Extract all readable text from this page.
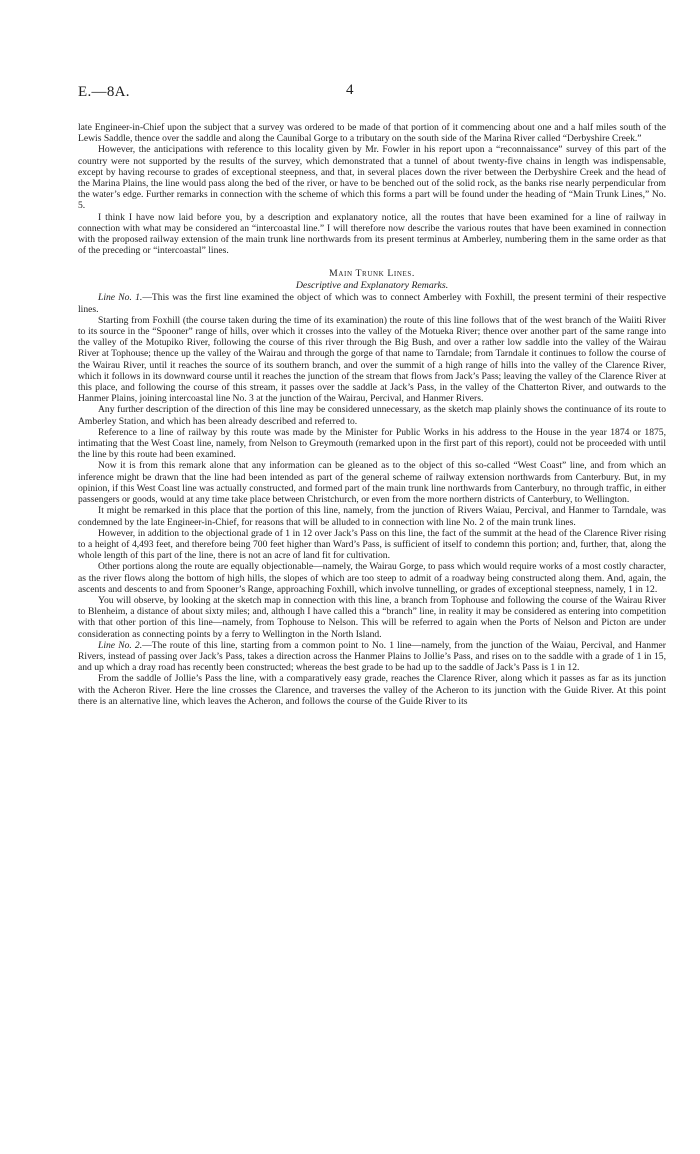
E.—8A.	4

late Engineer-in-Chief upon the subject that a survey was ordered to be made of that portion of it commencing about one and a half miles south of the Lewis Saddle, thence over the saddle and along the Caunibal Gorge to a tributary on the south side of the Marina River called “Derbyshire Creek.”

However, the anticipations with reference to this locality given by Mr. Fowler in his report upon a “reconnaissance” survey of this part of the country were not supported by the results of the survey, which demonstrated that a tunnel of about twenty-five chains in length was indispensable, except by having recourse to grades of exceptional steepness, and that, in several places down the river between the Derbyshire Creek and the head of the Marina Plains, the line would pass along the bed of the river, or have to be benched out of the solid rock, as the banks rise nearly perpendicular from the water’s edge. Further remarks in connection with the scheme of which this forms a part will be found under the heading of “Main Trunk Lines,” No. 5.

I think I have now laid before you, by a description and explanatory notice, all the routes that have been examined for a line of railway in connection with what may be considered an “intercoastal line.” I will therefore now describe the various routes that have been examined in connection with the proposed railway extension of the main trunk line northwards from its present terminus at Amberley, numbering them in the same order as that of the preceding or “intercoastal” lines.

Main Trunk Lines.
Descriptive and Explanatory Remarks.

Line No. 1.—This was the first line examined the object of which was to connect Amberley with Foxhill, the present termini of their respective lines.

Starting from Foxhill (the course taken during the time of its examination) the route of this line follows that of the west branch of the Waiiti River to its source in the “Spooner” range of hills, over which it crosses into the valley of the Motueka River; thence over another part of the same range into the valley of the Motupiko River, following the course of this river through the Big Bush, and over a rather low saddle into the valley of the Wairau River at Tophouse; thence up the valley of the Wairau and through the gorge of that name to Tarndale; from Tarndale it continues to follow the course of the Wairau River, until it reaches the source of its southern branch, and over the summit of a high range of hills into the valley of the Clarence River, which it follows in its downward course until it reaches the junction of the stream that flows from Jack’s Pass; leaving the valley of the Clarence River at this place, and following the course of this stream, it passes over the saddle at Jack’s Pass, in the valley of the Chatterton River, and outwards to the Hanmer Plains, joining intercoastal line No. 3 at the junction of the Wairau, Percival, and Hanmer Rivers.

Any further description of the direction of this line may be considered unnecessary, as the sketch map plainly shows the continuance of its route to Amberley Station, and which has been already described and referred to.

Reference to a line of railway by this route was made by the Minister for Public Works in his address to the House in the year 1874 or 1875, intimating that the West Coast line, namely, from Nelson to Greymouth (remarked upon in the first part of this report), could not be proceeded with until the line by this route had been examined.

Now it is from this remark alone that any information can be gleaned as to the object of this so-called “West Coast” line, and from which an inference might be drawn that the line had been intended as part of the general scheme of railway extension northwards from Canterbury. But, in my opinion, if this West Coast line was actually constructed, and formed part of the main trunk line northwards from Canterbury, no through traffic, in either passengers or goods, would at any time take place between Christchurch, or even from the more northern districts of Canterbury, to Wellington.

It might be remarked in this place that the portion of this line, namely, from the junction of Rivers Waiau, Percival, and Hanmer to Tarndale, was condemned by the late Engineer-in-Chief, for reasons that will be alluded to in connection with line No. 2 of the main trunk lines.

However, in addition to the objectional grade of 1 in 12 over Jack’s Pass on this line, the fact of the summit at the head of the Clarence River rising to a height of 4,493 feet, and therefore being 700 feet higher than Ward’s Pass, is sufficient of itself to condemn this portion; and, further, that, along the whole length of this part of the line, there is not an acre of land fit for cultivation.

Other portions along the route are equally objectionable—namely, the Wairau Gorge, to pass which would require works of a most costly character, as the river flows along the bottom of high hills, the slopes of which are too steep to admit of a roadway being constructed along them. And, again, the ascents and descents to and from Spooner’s Range, approaching Foxhill, which involve tunnelling, or grades of exceptional steepness, namely, 1 in 12.

You will observe, by looking at the sketch map in connection with this line, a branch from Tophouse and following the course of the Wairau River to Blenheim, a distance of about sixty miles; and, although I have called this a “branch” line, in reality it may be considered as entering into competition with that other portion of this line—namely, from Tophouse to Nelson. This will be referred to again when the Ports of Nelson and Picton are under consideration as connecting points by a ferry to Wellington in the North Island.

Line No. 2.—The route of this line, starting from a common point to No. 1 line—namely, from the junction of the Waiau, Percival, and Hanmer Rivers, instead of passing over Jack’s Pass, takes a direction across the Hanmer Plains to Jollie’s Pass, and rises on to the saddle with a grade of 1 in 15, and up which a dray road has recently been constructed; whereas the best grade to be had up to the saddle of Jack’s Pass is 1 in 12.

From the saddle of Jollie’s Pass the line, with a comparatively easy grade, reaches the Clarence River, along which it passes as far as its junction with the Acheron River. Here the line crosses the Clarence, and traverses the valley of the Acheron to its junction with the Guide River. At this point there is an alternative line, which leaves the Acheron, and follows the course of the Guide River to its
